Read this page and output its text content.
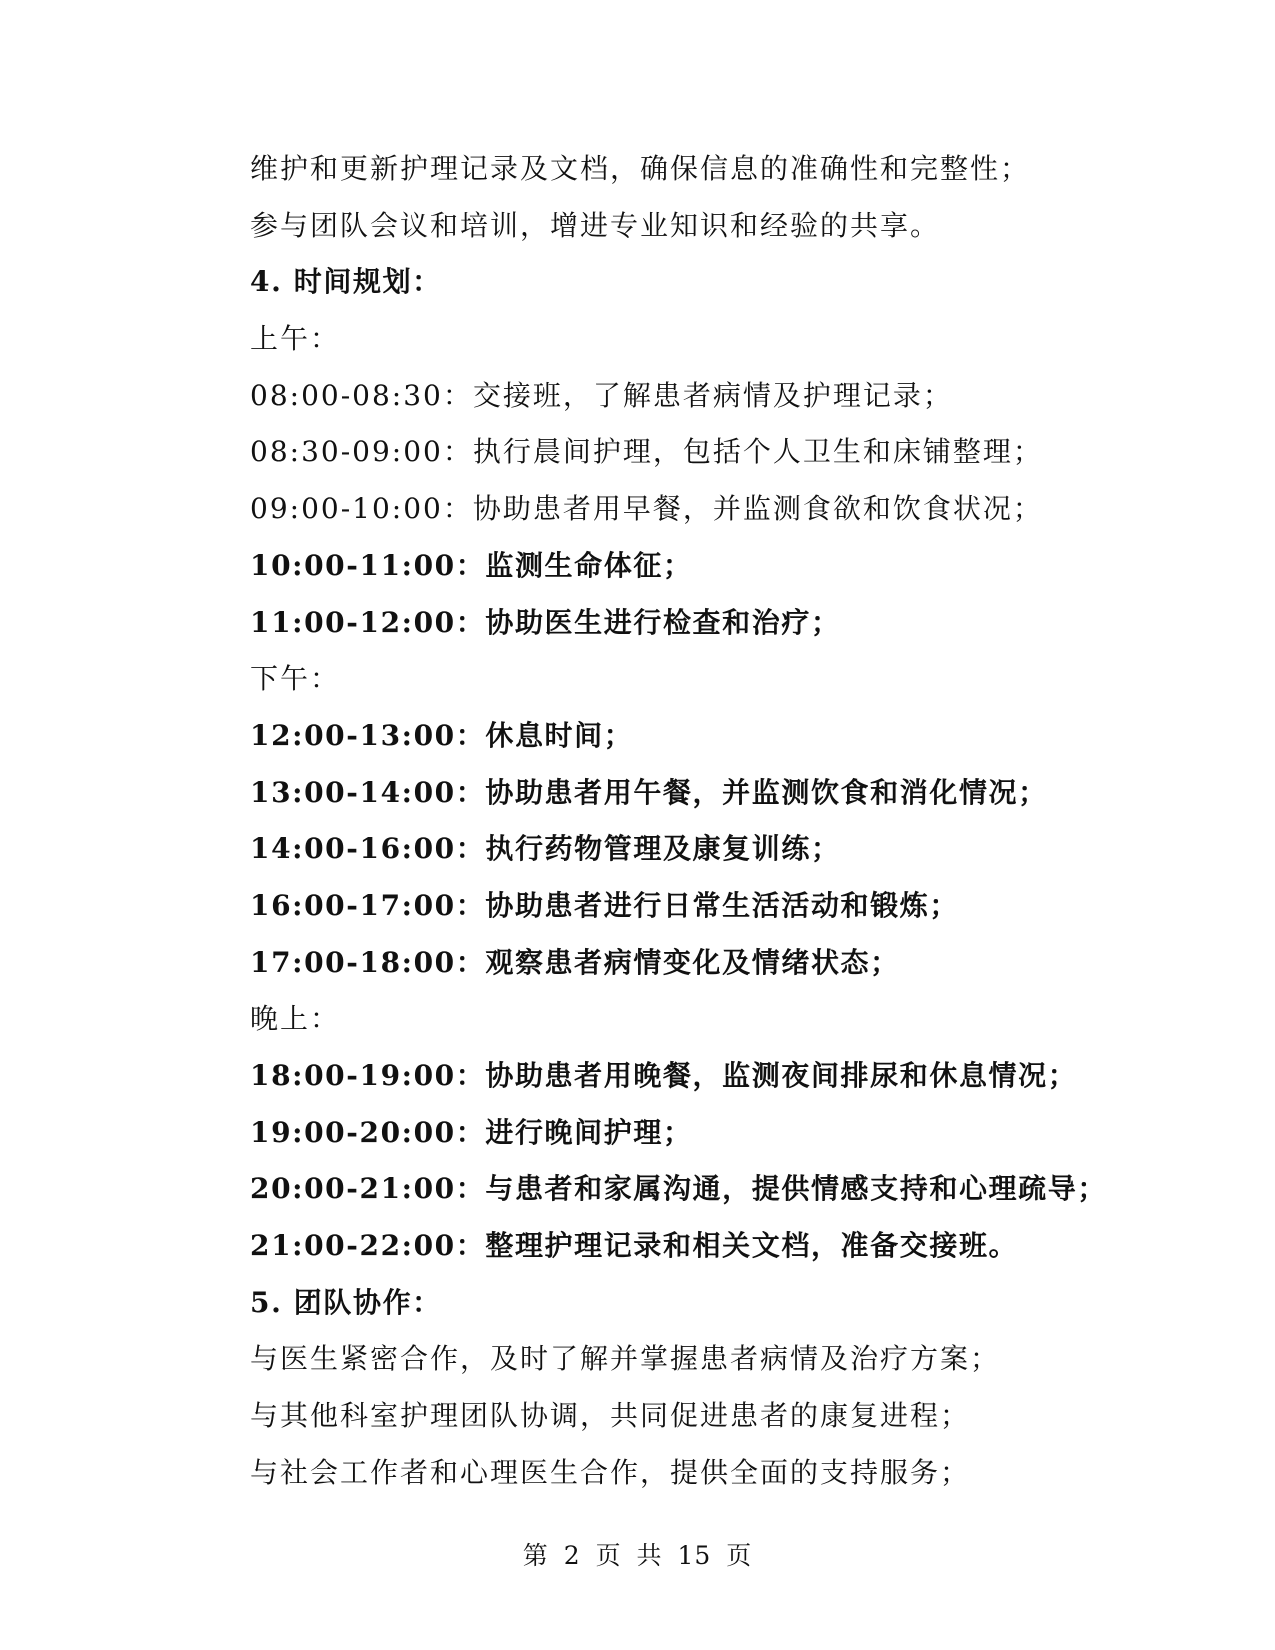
维护和更新护理记录及文档，确保信息的准确性和完整性；
参与团队会议和培训，增进专业知识和经验的共享。
4. 时间规划：
上午：
08:00-08:30：交接班，了解患者病情及护理记录；
08:30-09:00：执行晨间护理，包括个人卫生和床铺整理；
09:00-10:00：协助患者用早餐，并监测食欲和饮食状况；
10:00-11:00：监测生命体征；
11:00-12:00：协助医生进行检查和治疗；
下午：
12:00-13:00：休息时间；
13:00-14:00：协助患者用午餐，并监测饮食和消化情况；
14:00-16:00：执行药物管理及康复训练；
16:00-17:00：协助患者进行日常生活活动和锻炼；
17:00-18:00：观察患者病情变化及情绪状态；
晚上：
18:00-19:00：协助患者用晚餐，监测夜间排尿和休息情况；
19:00-20:00：进行晚间护理；
20:00-21:00：与患者和家属沟通，提供情感支持和心理疏导；
21:00-22:00：整理护理记录和相关文档，准备交接班。
5. 团队协作：
与医生紧密合作，及时了解并掌握患者病情及治疗方案；
与其他科室护理团队协调，共同促进患者的康复进程；
与社会工作者和心理医生合作，提供全面的支持服务；
第 2 页 共 15 页
